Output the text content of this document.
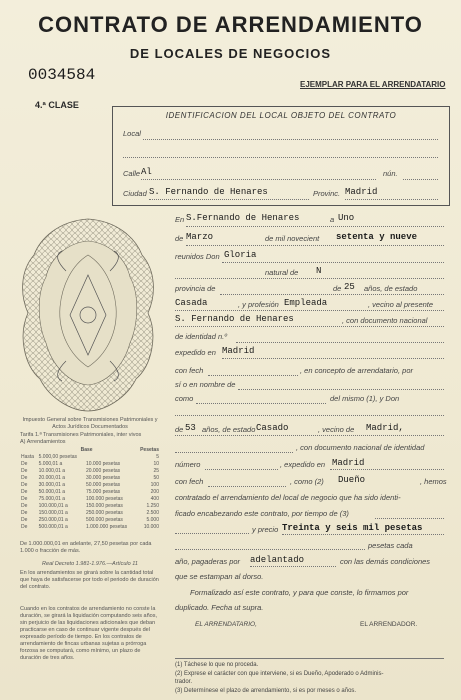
CONTRATO DE ARRENDAMIENTO
DE LOCALES DE NEGOCIOS
0034584
EJEMPLAR PARA EL ARRENDATARIO
4.ª CLASE
IDENTIFICACION DEL LOCAL OBJETO DEL CONTRATO
Local
Calle Al	nún.
Ciudad S. Fernando de Henares	Provinc. Madrid
Impuesto General sobre Transmisiones Patrimoniales y Actos Jurídicos Documentados
Tarifa 1.ª Transmisiones Patrimoniales, inter vivos
A) Arrendamientos
	Base		Pesetas
Hasta	5.000,00 pesetas		5
De	5.000,01 a	10.000 pesetas	10
De	10.000,01 a	20.000 pesetas	25
De	20.000,01 a	30.000 pesetas	50
De	30.000,01 a	50.000 pesetas	100
De	50.000,01 a	75.000 pesetas	200
De	75.000,01 a	100.000 pesetas	400
De	100.000,01 a	150.000 pesetas	1.250
De	150.000,01 a	250.000 pesetas	2.500
De	250.000,01 a	500.000 pesetas	5.000
De	500.000,01 a	1.000.000 pesetas	10.000
De 1.000.000,01 en adelante, 27,50 pesetas por cada 1.000 o fracción de más.
Real Decreto 1.981-1.976.—Artículo 11
En los arrendamientos se girará sobre la cantidad total que haya de satisfacerse por todo el periodo de duración del contrato.
Cuando en los contratos de arrendamiento no conste la duración, se girará la liquidación computando seis años, sin perjuicio de las liquidaciones adicionales que deban practicarse en caso de continuar vigente después del expresado período de tiempo. En los contratos de arrendamiento de fincas urbanas sujetas a prórroga forzosa se computará, como mínimo, un plazo de duración de tres años.
En S.Fernando de Henares	a Uno
de Marzo	de mil novecient setenta y nueve
reunidos Don Gloria
natural de N
provincia de	de 25 años, de estado
Casada	, y profesión Empleada	, vecino al presente
S. Fernando de Henares	, con documento nacional
de identidad n.º
expedido en Madrid
con fech	, en concepto de arrendatario, por
sí o en nombre de
como	del mismo (1), y Don
de 53 años, de estado Casado	, vecino de Madrid,
, con documento nacional de identidad
número	, expedido en Madrid
con fech	, como (2) Dueño	, hemos
contratado el arrendamiento del local de negocio que ha sido identi-
ficado encabezando este contrato, por tiempo de (3)
y precio Treinta y seis mil pesetas
pesetas cada
año, pagaderas por adelantado	con las demás condiciones
que se estampan al dorso.
Formalizado así este contrato, y para que conste, lo firmamos por
duplicado. Fecha ut supra.
EL ARRENDATARIO,	EL ARRENDADOR.
(1) Táchese lo que no proceda.
(2) Exprese el carácter con que interviene, si es Dueño, Apoderado o Adminis-
trador.
(3) Determínese el plazo de arrendamiento, si es por meses o años.
